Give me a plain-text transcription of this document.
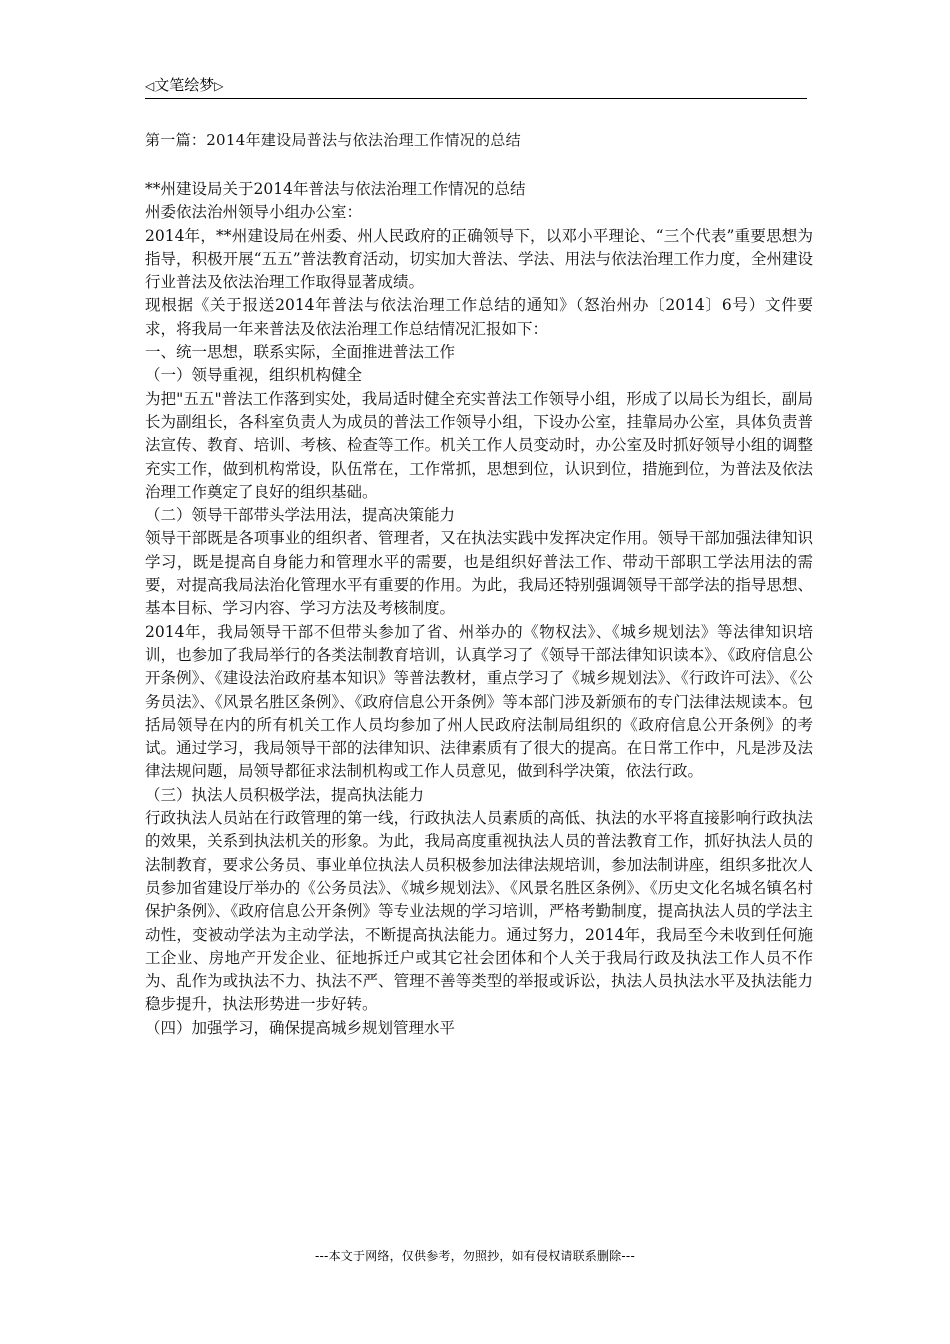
◁文笔绘梦▷
第一篇：2014年建设局普法与依法治理工作情况的总结

**州建设局关于2014年普法与依法治理工作情况的总结

州委依法治州领导小组办公室：

2014年，**州建设局在州委、州人民政府的正确领导下，以邓小平理论、“三个代表”重要思想为指导，积极开展“五五”普法教育活动，切实加大普法、学法、用法与依法治理工作力度，全州建设行业普法及依法治理工作取得显著成绩。

现根据《关于报送2014年普法与依法治理工作总结的通知》（怒治州办〔2014〕6号）文件要求，将我局一年来普法及依法治理工作总结情况汇报如下：

一、统一思想，联系实际，全面推进普法工作

（一）领导重视，组织机构健全

为把"五五"普法工作落到实处，我局适时健全充实普法工作领导小组，形成了以局长为组长，副局长为副组长，各科室负责人为成员的普法工作领导小组，下设办公室，挂靠局办公室，具体负责普法宣传、教育、培训、考核、检查等工作。机关工作人员变动时，办公室及时抓好领导小组的调整充实工作，做到机构常设，队伍常在，工作常抓，思想到位，认识到位，措施到位，为普法及依法治理工作奠定了良好的组织基础。

（二）领导干部带头学法用法，提高决策能力

领导干部既是各项事业的组织者、管理者，又在执法实践中发挥决定作用。领导干部加强法律知识学习，既是提高自身能力和管理水平的需要，也是组织好普法工作、带动干部职工学法用法的需要，对提高我局法治化管理水平有重要的作用。为此，我局还特别强调领导干部学法的指导思想、基本目标、学习内容、学习方法及考核制度。

2014年，我局领导干部不但带头参加了省、州举办的《物权法》、《城乡规划法》等法律知识培训，也参加了我局举行的各类法制教育培训，认真学习了《领导干部法律知识读本》、《政府信息公开条例》、《建设法治政府基本知识》等普法教材，重点学习了《城乡规划法》、《行政许可法》、《公务员法》、《风景名胜区条例》、《政府信息公开条例》等本部门涉及新颁布的专门法律法规读本。包括局领导在内的所有机关工作人员均参加了州人民政府法制局组织的《政府信息公开条例》的考试。通过学习，我局领导干部的法律知识、法律素质有了很大的提高。在日常工作中，凡是涉及法律法规问题，局领导都征求法制机构或工作人员意见，做到科学决策，依法行政。

（三）执法人员积极学法，提高执法能力

行政执法人员站在行政管理的第一线，行政执法人员素质的高低、执法的水平将直接影响行政执法的效果，关系到执法机关的形象。为此，我局高度重视执法人员的普法教育工作，抓好执法人员的法制教育，要求公务员、事业单位执法人员积极参加法律法规培训，参加法制讲座，组织多批次人员参加省建设厅举办的《公务员法》、《城乡规划法》、《风景名胜区条例》、《历史文化名城名镇名村保护条例》、《政府信息公开条例》等专业法规的学习培训，严格考勤制度，提高执法人员的学法主动性，变被动学法为主动学法，不断提高执法能力。通过努力，2014年，我局至今未收到任何施工企业、房地产开发企业、征地拆迁户或其它社会团体和个人关于我局行政及执法工作人员不作为、乱作为或执法不力、执法不严、管理不善等类型的举报或诉讼，执法人员执法水平及执法能力稳步提升，执法形势进一步好转。

（四）加强学习，确保提高城乡规划管理水平

---本文于网络，仅供参考，勿照抄，如有侵权请联系删除---
